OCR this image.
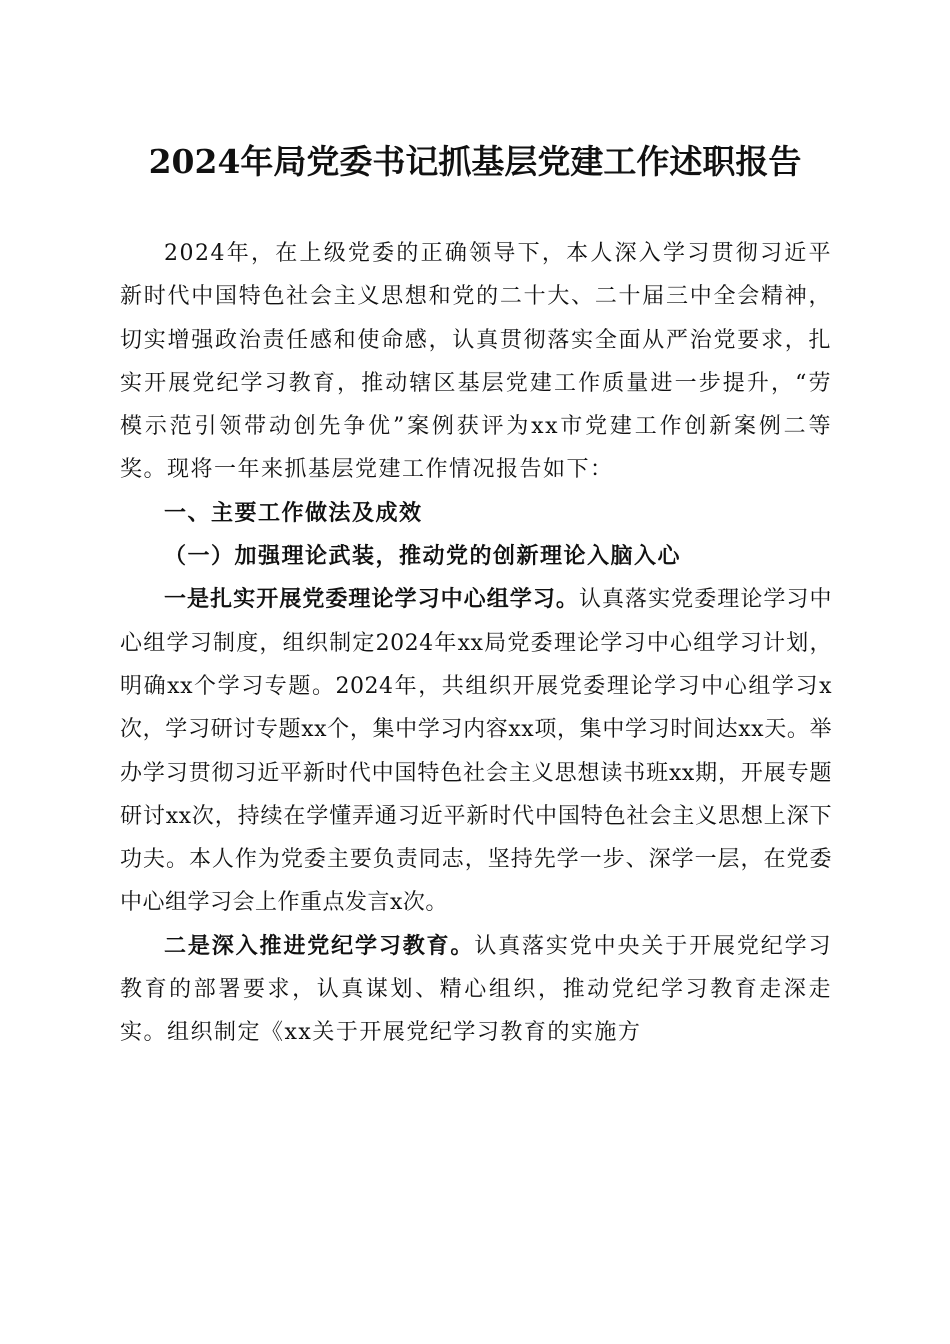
2024年局党委书记抓基层党建工作述职报告

2024年，在上级党委的正确领导下，本人深入学习贯彻习近平新时代中国特色社会主义思想和党的二十大、二十届三中全会精神，切实增强政治责任感和使命感，认真贯彻落实全面从严治党要求，扎实开展党纪学习教育，推动辖区基层党建工作质量进一步提升，“劳模示范引领带动创先争优”案例获评为xx市党建工作创新案例二等奖。现将一年来抓基层党建工作情况报告如下：

一、主要工作做法及成效

（一）加强理论武装，推动党的创新理论入脑入心

一是扎实开展党委理论学习中心组学习。认真落实党委理论学习中心组学习制度，组织制定2024年xx局党委理论学习中心组学习计划，明确xx个学习专题。2024年，共组织开展党委理论学习中心组学习x次，学习研讨专题xx个，集中学习内容xx项，集中学习时间达xx天。举办学习贯彻习近平新时代中国特色社会主义思想读书班xx期，开展专题研讨xx次，持续在学懂弄通习近平新时代中国特色社会主义思想上深下功夫。本人作为党委主要负责同志，坚持先学一步、深学一层，在党委中心组学习会上作重点发言x次。

二是深入推进党纪学习教育。认真落实党中央关于开展党纪学习教育的部署要求，认真谋划、精心组织，推动党纪学习教育走深走实。组织制定《xx关于开展党纪学习教育的实施方
